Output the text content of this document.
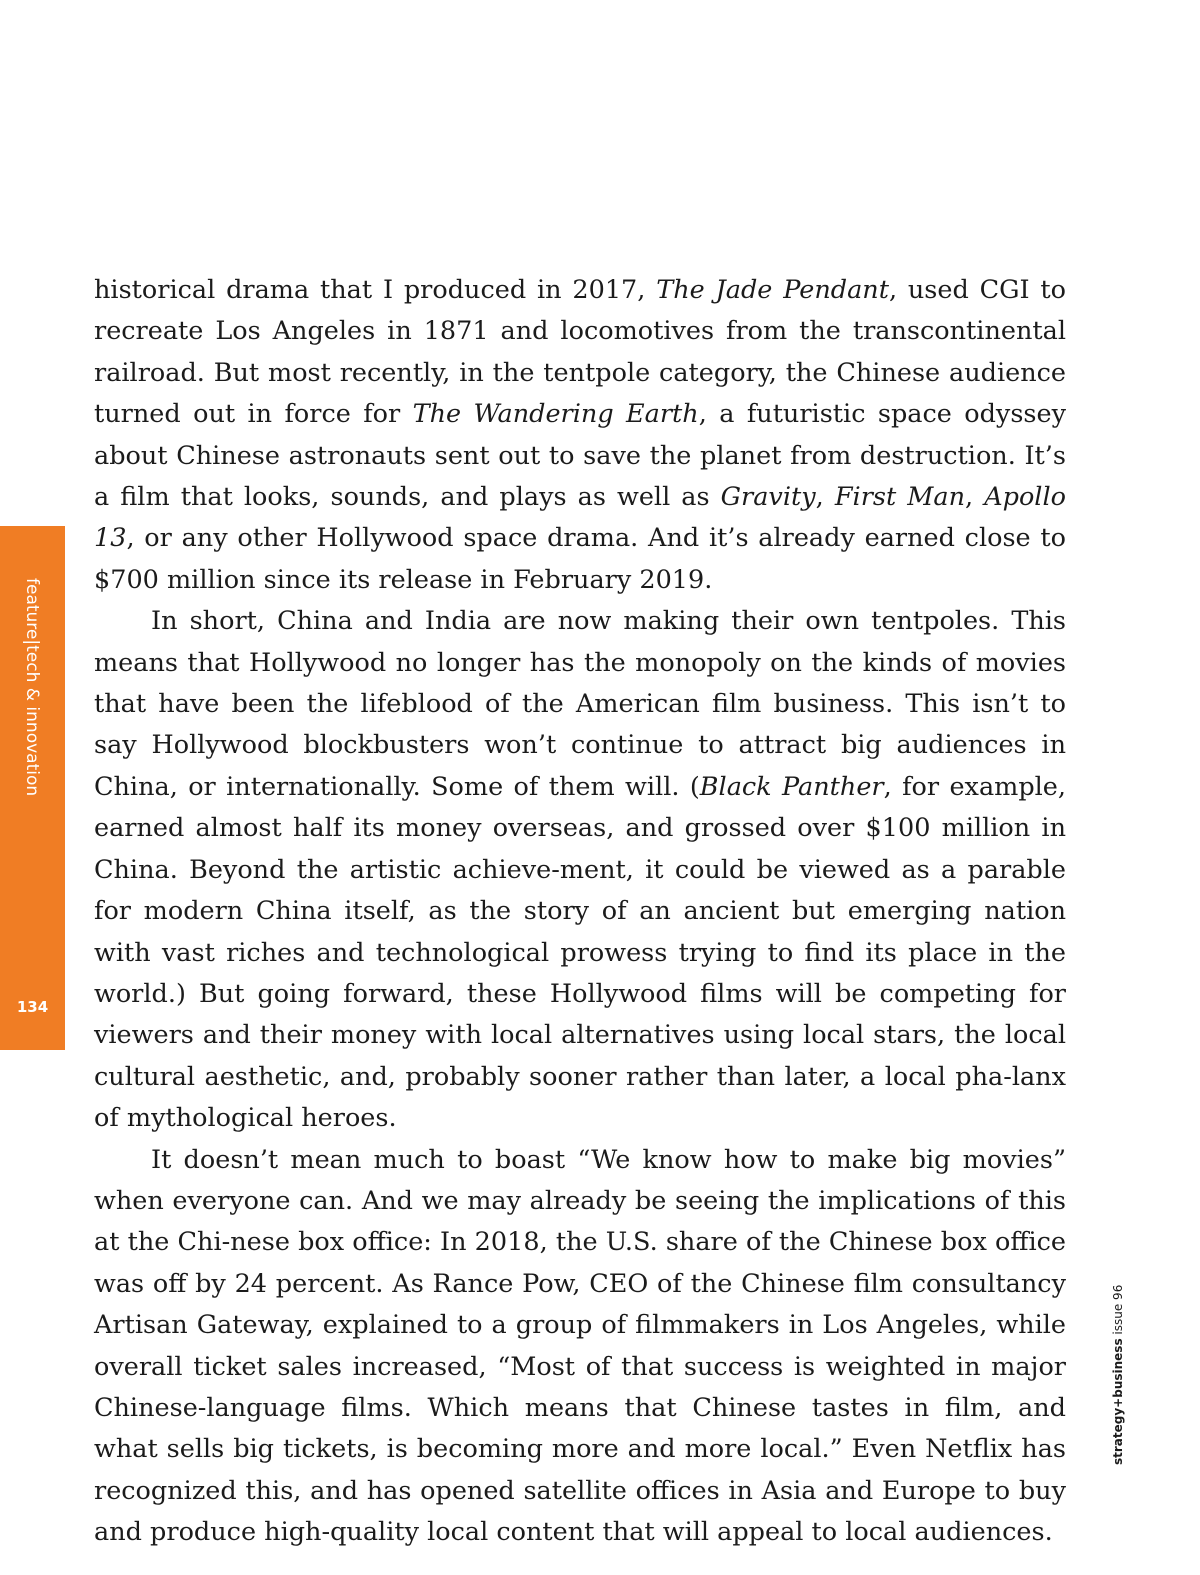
feature|tech & innovation
134

historical drama that I produced in 2017, The Jade Pendant, used CGI to recreate Los Angeles in 1871 and locomotives from the transcontinental railroad. But most recently, in the tentpole category, the Chinese audience turned out in force for The Wandering Earth, a futuristic space odyssey about Chinese astronauts sent out to save the planet from destruction. It’s a film that looks, sounds, and plays as well as Gravity, First Man, Apollo 13, or any other Hollywood space drama. And it’s already earned close to $700 million since its release in February 2019.

In short, China and India are now making their own tentpoles. This means that Hollywood no longer has the monopoly on the kinds of movies that have been the lifeblood of the American film business. This isn’t to say Hollywood blockbusters won’t continue to attract big audiences in China, or internationally. Some of them will. (Black Panther, for example, earned almost half its money overseas, and grossed over $100 million in China. Beyond the artistic achieve-ment, it could be viewed as a parable for modern China itself, as the story of an ancient but emerging nation with vast riches and technological prowess trying to find its place in the world.) But going forward, these Hollywood films will be competing for viewers and their money with local alternatives using local stars, the local cultural aesthetic, and, probably sooner rather than later, a local pha-lanx of mythological heroes.

It doesn’t mean much to boast “We know how to make big movies” when everyone can. And we may already be seeing the implications of this at the Chi-nese box office: In 2018, the U.S. share of the Chinese box office was off by 24 percent. As Rance Pow, CEO of the Chinese film consultancy Artisan Gateway, explained to a group of filmmakers in Los Angeles, while overall ticket sales increased, “Most of that success is weighted in major Chinese-language films. Which means that Chinese tastes in film, and what sells big tickets, is becoming more and more local.” Even Netflix has recognized this, and has opened satellite offices in Asia and Europe to buy and produce high-quality local content that will appeal to local audiences.

strategy+business issue 96
